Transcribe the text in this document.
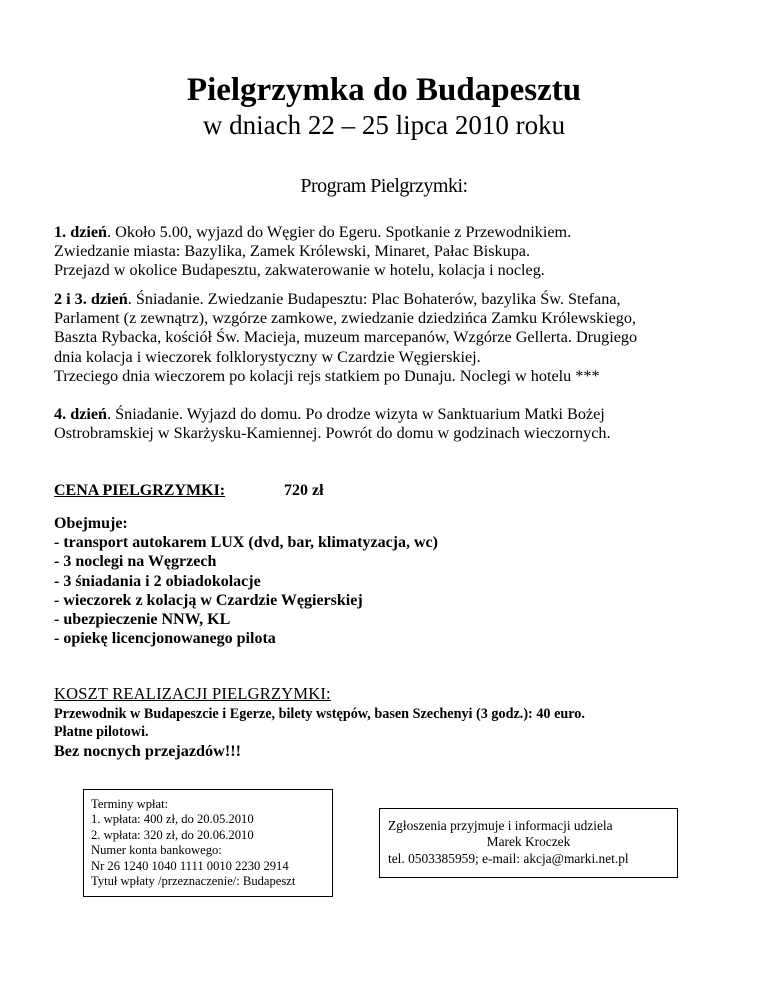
Pielgrzymka do Budapesztu
w dniach 22 – 25 lipca 2010 roku
Program Pielgrzymki:
1. dzień. Około 5.00, wyjazd do Węgier do Egeru. Spotkanie z Przewodnikiem.
Zwiedzanie miasta: Bazylika, Zamek Królewski, Minaret, Pałac Biskupa.
Przejazd w okolice Budapesztu, zakwaterowanie w hotelu, kolacja i nocleg.
2 i 3. dzień. Śniadanie. Zwiedzanie Budapesztu: Plac Bohaterów, bazylika Św. Stefana,
Parlament (z zewnątrz), wzgórze zamkowe, zwiedzanie dziedzińca Zamku Królewskiego,
Baszta Rybacka, kościół Św. Macieja, muzeum marcepanów, Wzgórze Gellerta. Drugiego
dnia kolacja i wieczorek folklorystyczny w Czardzie Węgierskiej.
Trzeciego dnia wieczorem po kolacji rejs statkiem po Dunaju. Noclegi w hotelu ***
4. dzień. Śniadanie. Wyjazd do domu. Po drodze wizyta w Sanktuarium Matki Bożej
Ostrobramskiej w Skarżysku-Kamiennej. Powrót do domu w godzinach wieczornych.
CENA PIELGRZYMKI:	720 zł
Obejmuje:
- transport autokarem LUX (dvd, bar, klimatyzacja, wc)
- 3 noclegi na Węgrzech
- 3 śniadania i 2 obiadokolacje
- wieczorek z kolacją w Czardzie Węgierskiej
- ubezpieczenie NNW, KL
- opiekę licencjonowanego pilota
KOSZT REALIZACJI PIELGRZYMKI:
Przewodnik w Budapeszcie i Egerze, bilety wstępów, basen Szechenyi (3 godz.): 40 euro.
Płatne pilotowi.
Bez nocnych przejazdów!!!
Terminy wpłat:
1. wpłata: 400 zł, do 20.05.2010
2. wpłata: 320 zł, do 20.06.2010
Numer konta bankowego:
Nr 26 1240 1040 1111 0010 2230 2914
Tytuł wpłaty /przeznaczenie/: Budapeszt
Zgłoszenia przyjmuje i informacji udziela
Marek Kroczek
tel. 0503385959; e-mail: akcja@marki.net.pl
